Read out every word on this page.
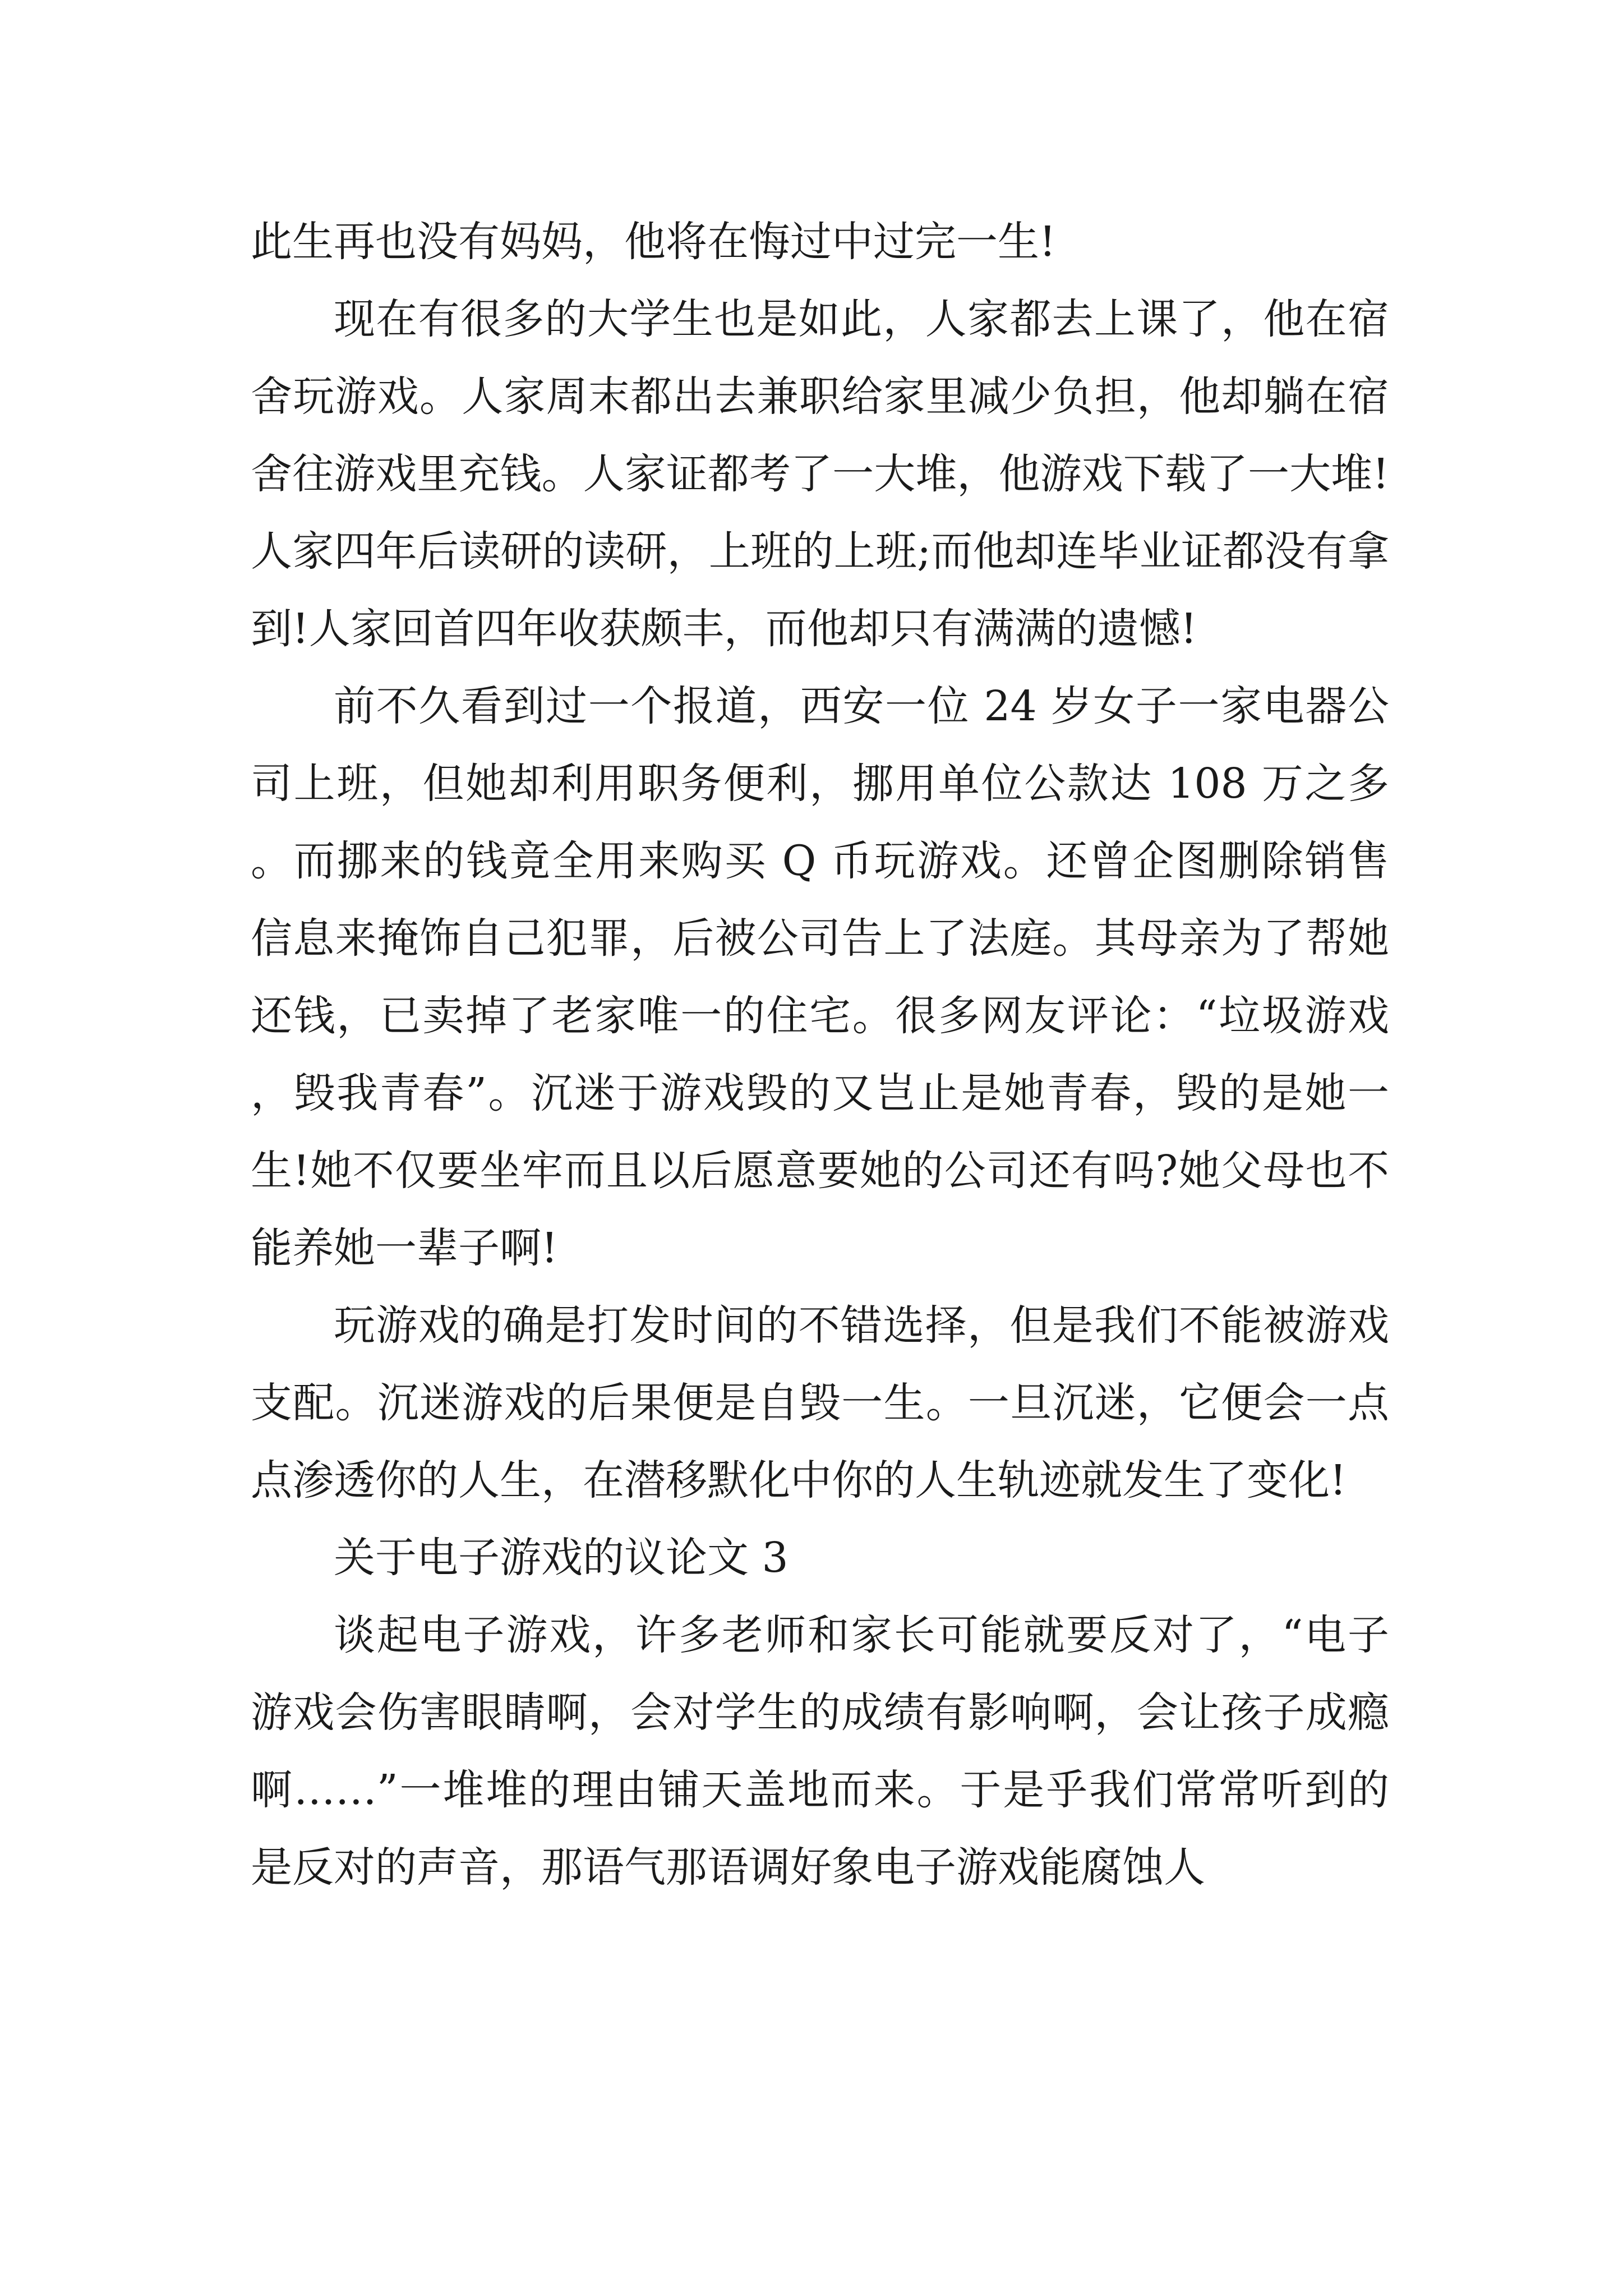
此生再也没有妈妈，他将在悔过中过完一生!

现在有很多的大学生也是如此，人家都去上课了，他在宿舍玩游戏。人家周末都出去兼职给家里减少负担，他却躺在宿舍往游戏里充钱。人家证都考了一大堆，他游戏下载了一大堆!人家四年后读研的读研，上班的上班;而他却连毕业证都没有拿到!人家回首四年收获颇丰，而他却只有满满的遗憾!

前不久看到过一个报道，西安一位 24 岁女子一家电器公司上班，但她却利用职务便利，挪用单位公款达 108 万之多。而挪来的钱竟全用来购买 Q 币玩游戏。还曾企图删除销售信息来掩饰自己犯罪，后被公司告上了法庭。其母亲为了帮她还钱，已卖掉了老家唯一的住宅。很多网友评论：“垃圾游戏，毁我青春”。沉迷于游戏毁的又岂止是她青春，毁的是她一生!她不仅要坐牢而且以后愿意要她的公司还有吗?她父母也不能养她一辈子啊!

玩游戏的确是打发时间的不错选择，但是我们不能被游戏支配。沉迷游戏的后果便是自毁一生。一旦沉迷，它便会一点点渗透你的人生，在潜移默化中你的人生轨迹就发生了变化!

关于电子游戏的议论文 3

谈起电子游戏，许多老师和家长可能就要反对了，“电子游戏会伤害眼睛啊，会对学生的成绩有影响啊，会让孩子成瘾啊……”一堆堆的理由铺天盖地而来。于是乎我们常常听到的是反对的声音，那语气那语调好象电子游戏能腐蚀人
